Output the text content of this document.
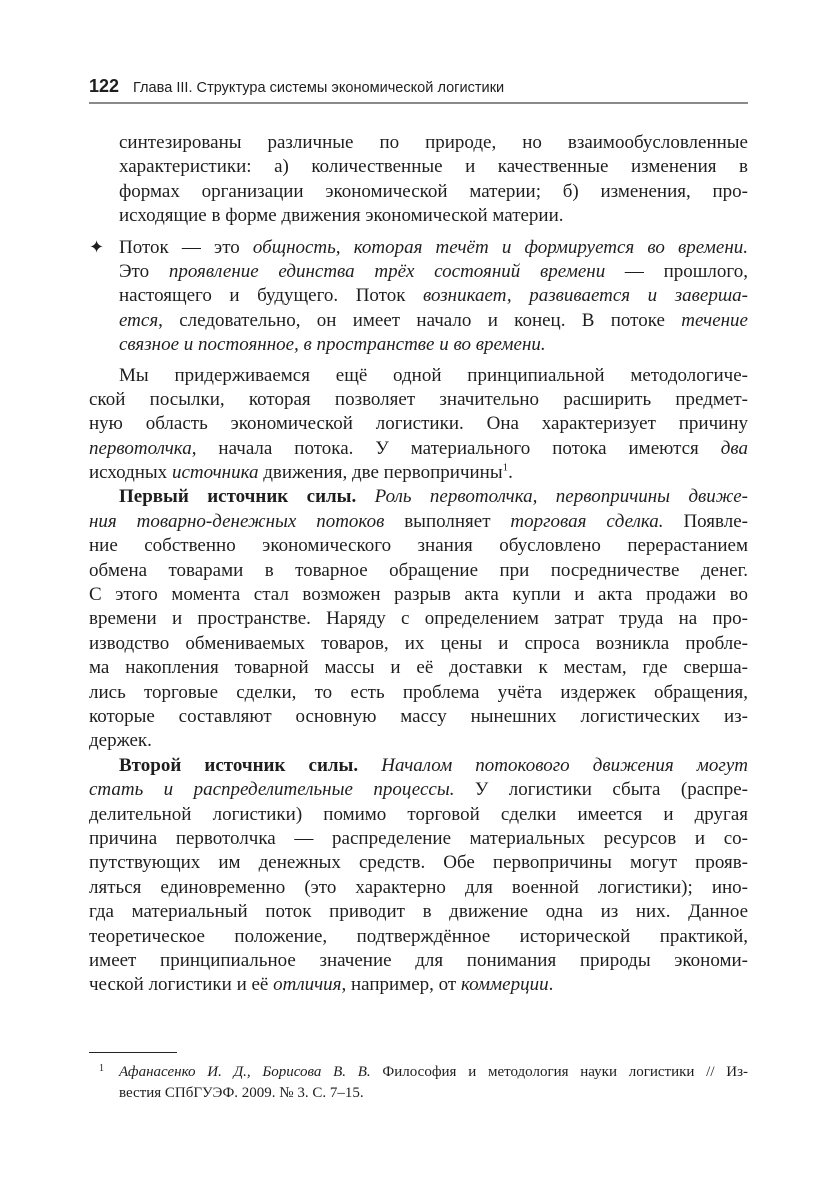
122 Глава III. Структура системы экономической логистики
синтезированы различные по природе, но взаимообусловленные
характеристики: а) количественные и качественные изменения в
формах организации экономической материи; б) изменения, про-
исходящие в форме движения экономической материи.
✦ Поток — это общность, которая течёт и формируется во времени.
Это проявление единства трёх состояний времени — прошлого,
настоящего и будущего. Поток возникает, развивается и заверша-
ется, следовательно, он имеет начало и конец. В потоке течение
связное и постоянное, в пространстве и во времени.
Мы придерживаемся ещё одной принципиальной методологиче-
ской посылки, которая позволяет значительно расширить предмет-
ную область экономической логистики. Она характеризует причину
первотолчка, начала потока. У материального потока имеются два
исходных источника движения, две первопричины$^1$.
Первый источник силы. Роль первотолчка, первопричины движе-
ния товарно-денежных потоков выполняет торговая сделка. Появле-
ние собственно экономического знания обусловлено перерастанием
обмена товарами в товарное обращение при посредничестве денег.
С этого момента стал возможен разрыв акта купли и акта продажи во
времени и пространстве. Наряду с определением затрат труда на про-
изводство обмениваемых товаров, их цены и спроса возникла пробле-
ма накопления товарной массы и её доставки к местам, где сверша-
лись торговые сделки, то есть проблема учёта издержек обращения,
которые составляют основную массу нынешних логистических из-
держек.
Второй источник силы. Началом потокового движения могут
стать и распределительные процессы. У логистики сбыта (распре-
делительной логистики) помимо торговой сделки имеется и другая
причина первотолчка — распределение материальных ресурсов и со-
путствующих им денежных средств. Обе первопричины могут прояв-
ляться единовременно (это характерно для военной логистики); ино-
гда материальный поток приводит в движение одна из них. Данное
теоретическое положение, подтверждённое исторической практикой,
имеет принципиальное значение для понимания природы экономи-
ческой логистики и её отличия, например, от коммерции.
1	Афанасенко И. Д., Борисова В. В. Философия и методология науки логистики // Из-
вестия СПбГУЭФ. 2009. № 3. С. 7–15.
